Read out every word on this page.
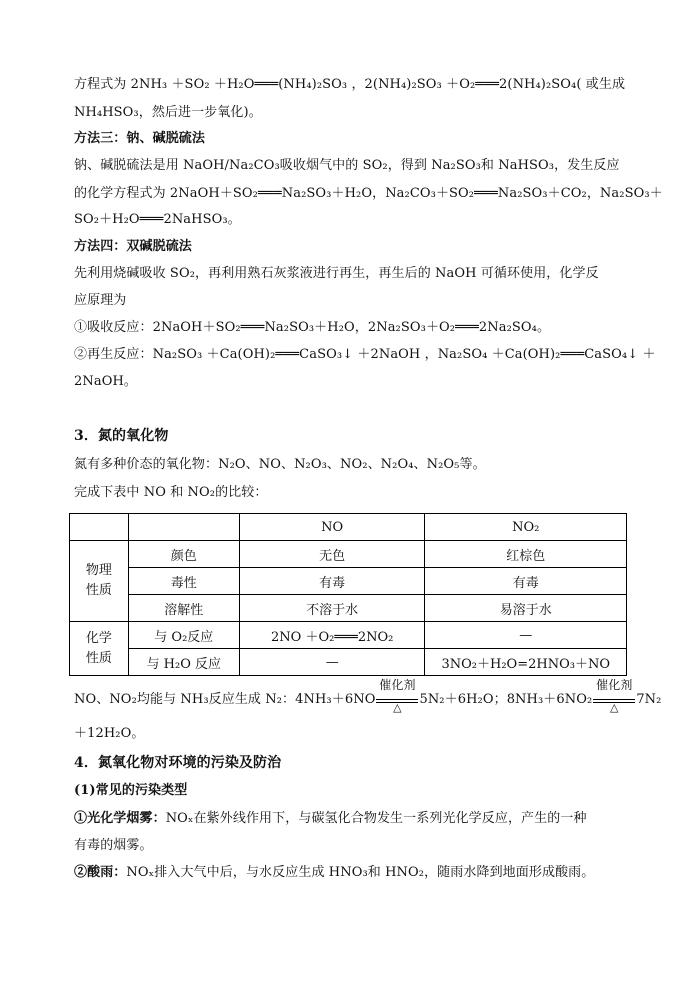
方程式为 2NH₃ ＋SO₂ ＋H₂O═══(NH₄)₂SO₃ ，2(NH₄)₂SO₃ ＋O₂═══2(NH₄)₂SO₄( 或生成
NH₄HSO₃，然后进一步氧化)。
方法三：钠、碱脱硫法
钠、碱脱硫法是用 NaOH/Na₂CO₃吸收烟气中的 SO₂，得到 Na₂SO₃和 NaHSO₃，发生反应
的化学方程式为 2NaOH＋SO₂═══Na₂SO₃＋H₂O，Na₂CO₃＋SO₂═══Na₂SO₃＋CO₂，Na₂SO₃＋
SO₂＋H₂O═══2NaHSO₃。
方法四：双碱脱硫法
先利用烧碱吸收 SO₂，再利用熟石灰浆液进行再生，再生后的 NaOH 可循环使用，化学反
应原理为
①吸收反应：2NaOH＋SO₂═══Na₂SO₃＋H₂O，2Na₂SO₃＋O₂═══2Na₂SO₄。
②再生反应：Na₂SO₃ ＋Ca(OH)₂═══CaSO₃↓ ＋2NaOH ，Na₂SO₄ ＋Ca(OH)₂═══CaSO₄↓ ＋
2NaOH。
3．氮的氧化物
氮有多种价态的氧化物：N₂O、NO、N₂O₃、NO₂、N₂O₄、N₂O₅等。
完成下表中 NO 和 NO₂的比较：
		NO	NO₂

物理
性质	颜色	无色	红棕色
	毒性	有毒	有毒
	溶解性	不溶于水	易溶于水

化学
性质	与 O₂反应	2NO ＋O₂═══2NO₂	—
	与 H₂O 反应	—	3NO₂＋H₂O=2HNO₃＋NO
NO、NO₂均能与 NH₃反应生成 N₂：4NH₃＋6NO
催化剂
△
5N₂＋6H₂O；8NH₃＋6NO₂
催化剂
△
7N₂
＋12H₂O。
4．氮氧化物对环境的污染及防治
(1)常见的污染类型
①光化学烟雾：NOₓ在紫外线作用下，与碳氢化合物发生一系列光化学反应，产生的一种
有毒的烟雾。
②酸雨：NOₓ排入大气中后，与水反应生成 HNO₃和 HNO₂，随雨水降到地面形成酸雨。
